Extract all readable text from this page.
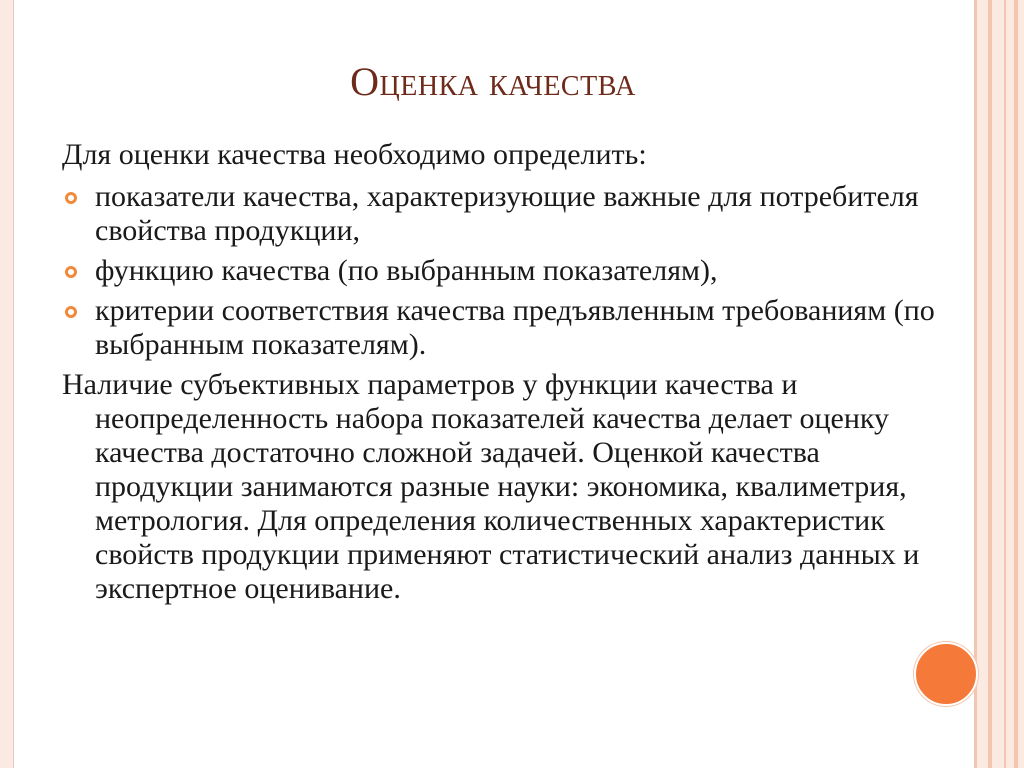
Оценка качества

Для оценки качества необходимо определить:

показатели качества, характеризующие важные для потребителя свойства продукции,
функцию качества (по выбранным показателям),
критерии соответствия качества предъявленным требованиям (по выбранным показателям).

Наличие субъективных параметров у функции качества и неопределенность набора показателей качества делает оценку качества достаточно сложной задачей. Оценкой качества продукции занимаются разные науки: экономика, квалиметрия, метрология. Для определения количественных характеристик свойств продукции применяют статистический анализ данных и экспертное оценивание.
